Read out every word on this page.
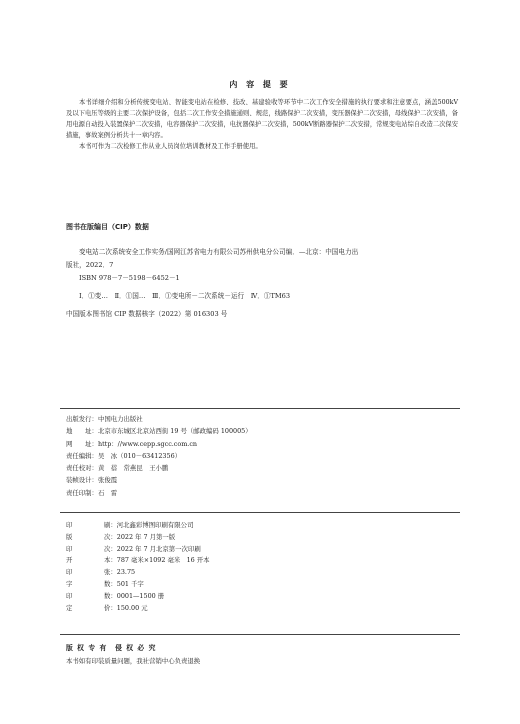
内 容 提 要

本书详细介绍和分析传统变电站、智能变电站在检修、技改、基建验收等环节中二次工作安全措施的执行要求和注意要点，涵盖500kV及以下电压等级的主要二次保护设备，包括二次工作安全措施通则、规范，线路保护二次安措，变压器保护二次安措，母线保护二次安措，备用电源自动投入装置保护二次安措，电容器保护二次安措，电抗器保护二次安措，500kV断路器保护二次安措，常规变电站综自改造二次保安措施，事故案例分析共十一章内容。

本书可作为二次检修工作从业人员岗位培训教材及工作手册使用。

图书在版编目（CIP）数据
变电站二次系统安全工作实务/国网江苏省电力有限公司苏州供电分公司编．—北京：中国电力出
版社，2022．7
ISBN 978－7－5198－6452－1
Ⅰ．①变…　Ⅱ．①国…　Ⅲ．①变电所－二次系统－运行　Ⅳ．①TM63
中国版本图书馆 CIP 数据核字（2022）第 016303 号
出版发行： 中国电力出版社
地　　址： 北京市东城区北京站西街 19 号（邮政编码 100005）
网　　址： http：//www.cepp.sgcc.com.cn
责任编辑： 吴　冰（010－63412356）
责任校对： 黄　蓓　常燕昆　王小鹏
装帧设计： 张俊霞
责任印制： 石　雷
印	刷：河北鑫彩博图印刷有限公司
版	次：2022 年 7 月第一版
印	次：2022 年 7 月北京第一次印刷
开	本：787 毫米×1092 毫米　16 开本
印	张：23.75
字	数：501 千字
印	数：0001—1500 册
定	价：150.00 元
版 权 专 有　侵 权 必 究
本书如有印装质量问题，我社营销中心负责退换
